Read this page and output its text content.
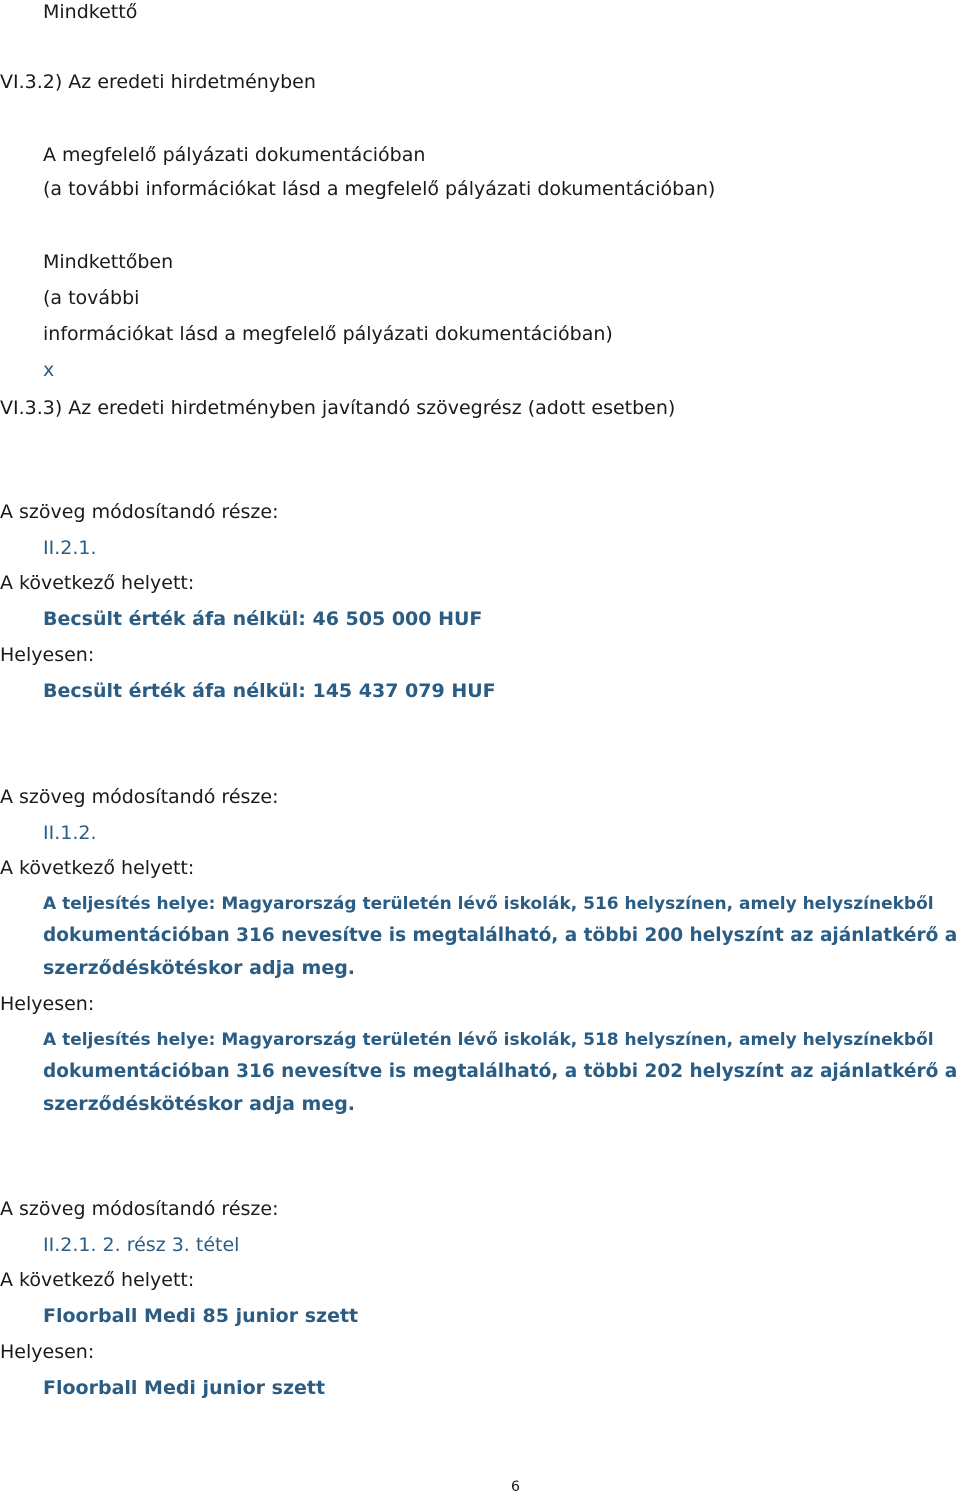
Mindkettő

VI.3.2) Az eredeti hirdetményben

A megfelelő pályázati dokumentációban

(a további információkat lásd a megfelelő pályázati dokumentációban)

Mindkettőben

(a további

információkat lásd a megfelelő pályázati dokumentációban)

x

VI.3.3) Az eredeti hirdetményben javítandó szövegrész (adott esetben)

A szöveg módosítandó része:

II.2.1.

A következő helyett:

Becsült érték áfa nélkül: 46 505 000 HUF

Helyesen:

Becsült érték áfa nélkül: 145 437 079 HUF

A szöveg módosítandó része:

II.1.2.

A következő helyett:

A teljesítés helye: Magyarország területén lévő iskolák, 516 helyszínen, amely helyszínekből

dokumentációban 316 nevesítve is megtalálható, a többi 200 helyszínt az ajánlatkérő a

szerződéskötéskor adja meg.

Helyesen:

A teljesítés helye: Magyarország területén lévő iskolák, 518 helyszínen, amely helyszínekből

dokumentációban 316 nevesítve is megtalálható, a többi 202 helyszínt az ajánlatkérő a

szerződéskötéskor adja meg.

A szöveg módosítandó része:

II.2.1. 2. rész 3. tétel

A következő helyett:

Floorball Medi 85 junior szett

Helyesen:

Floorball Medi junior szett

6
